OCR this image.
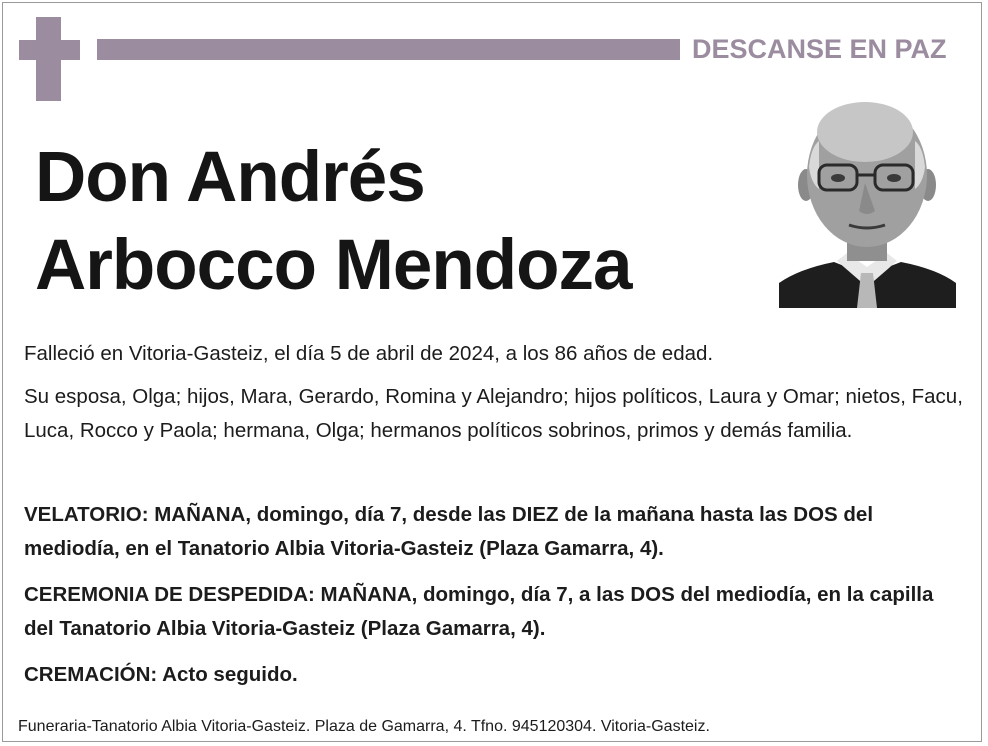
DESCANSE EN PAZ
Don Andrés
Arbocco Mendoza
Falleció en Vitoria-Gasteiz, el día 5 de abril de 2024, a los 86 años de edad.
Su esposa, Olga; hijos, Mara, Gerardo, Romina y Alejandro; hijos políticos, Laura y Omar; nietos, Facu, Luca, Rocco y Paola; hermana, Olga; hermanos políticos sobrinos, primos y demás familia.
VELATORIO: MAÑANA, domingo, día 7, desde las DIEZ de la mañana hasta las DOS del mediodía, en el Tanatorio Albia Vitoria-Gasteiz (Plaza Gamarra, 4).
CEREMONIA DE DESPEDIDA: MAÑANA, domingo, día 7, a las DOS del mediodía, en la capilla del Tanatorio Albia Vitoria-Gasteiz (Plaza Gamarra, 4).
CREMACIÓN: Acto seguido.
Funeraria-Tanatorio Albia Vitoria-Gasteiz. Plaza de Gamarra, 4. Tfno. 945120304. Vitoria-Gasteiz.
